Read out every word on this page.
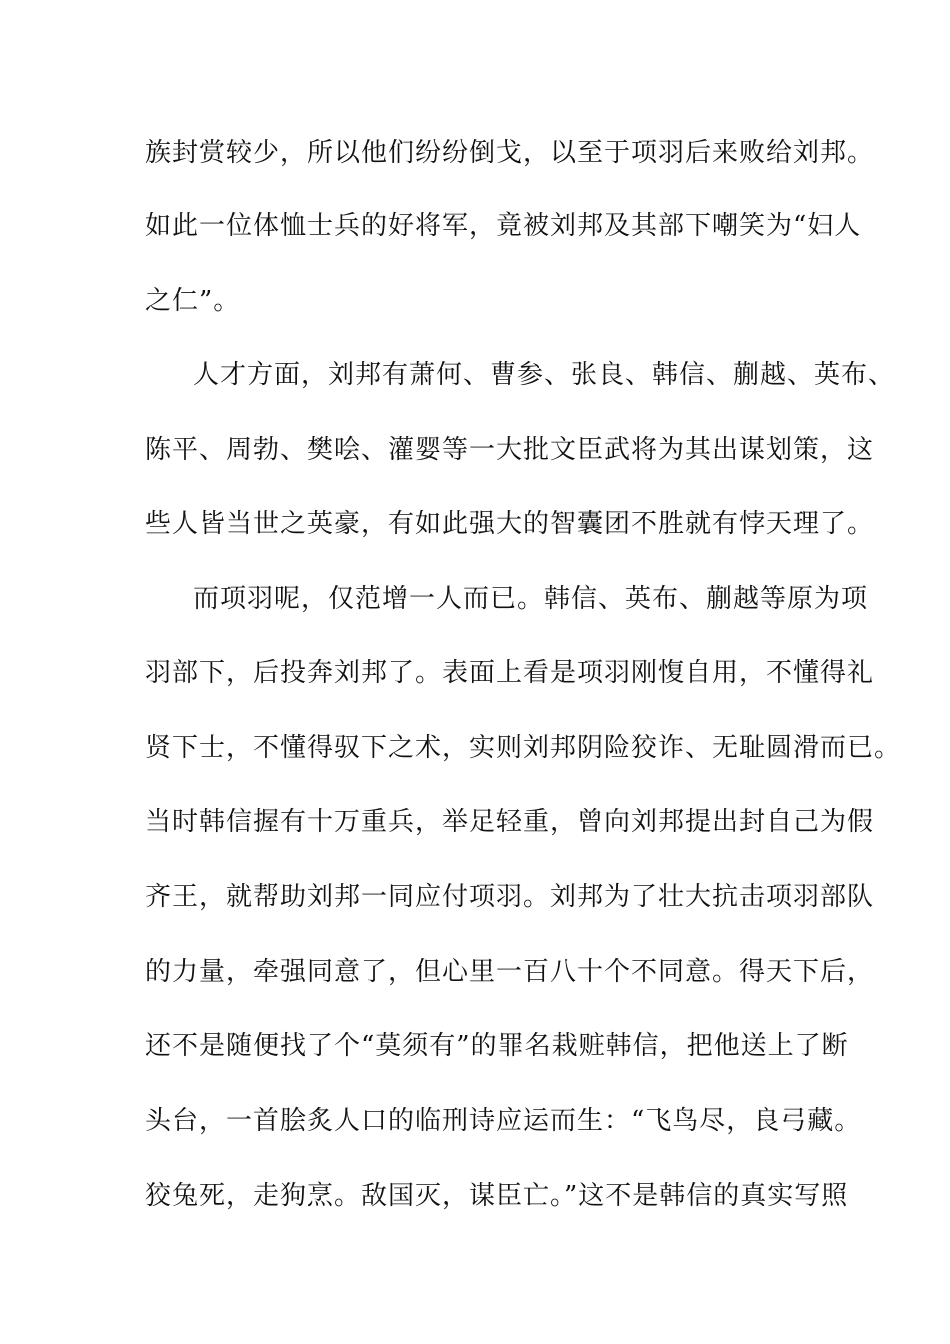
族封赏较少，所以他们纷纷倒戈，以至于项羽后来败给刘邦。
如此一位体恤士兵的好将军，竟被刘邦及其部下嘲笑为“妇人
之仁”。
人才方面，刘邦有萧何、曹参、张良、韩信、蒯越、英布、
陈平、周勃、樊哙、灌婴等一大批文臣武将为其出谋划策，这
些人皆当世之英豪，有如此强大的智囊团不胜就有悖天理了。
而项羽呢，仅范增一人而已。韩信、英布、蒯越等原为项
羽部下，后投奔刘邦了。表面上看是项羽刚愎自用，不懂得礼
贤下士，不懂得驭下之术，实则刘邦阴险狡诈、无耻圆滑而已。
当时韩信握有十万重兵，举足轻重，曾向刘邦提出封自己为假
齐王，就帮助刘邦一同应付项羽。刘邦为了壮大抗击项羽部队
的力量，牵强同意了，但心里一百八十个不同意。得天下后，
还不是随便找了个“莫须有”的罪名栽赃韩信，把他送上了断
头台，一首脍炙人口的临刑诗应运而生：“飞鸟尽，良弓藏。
狡兔死，走狗烹。敌国灭，谋臣亡。”这不是韩信的真实写照
